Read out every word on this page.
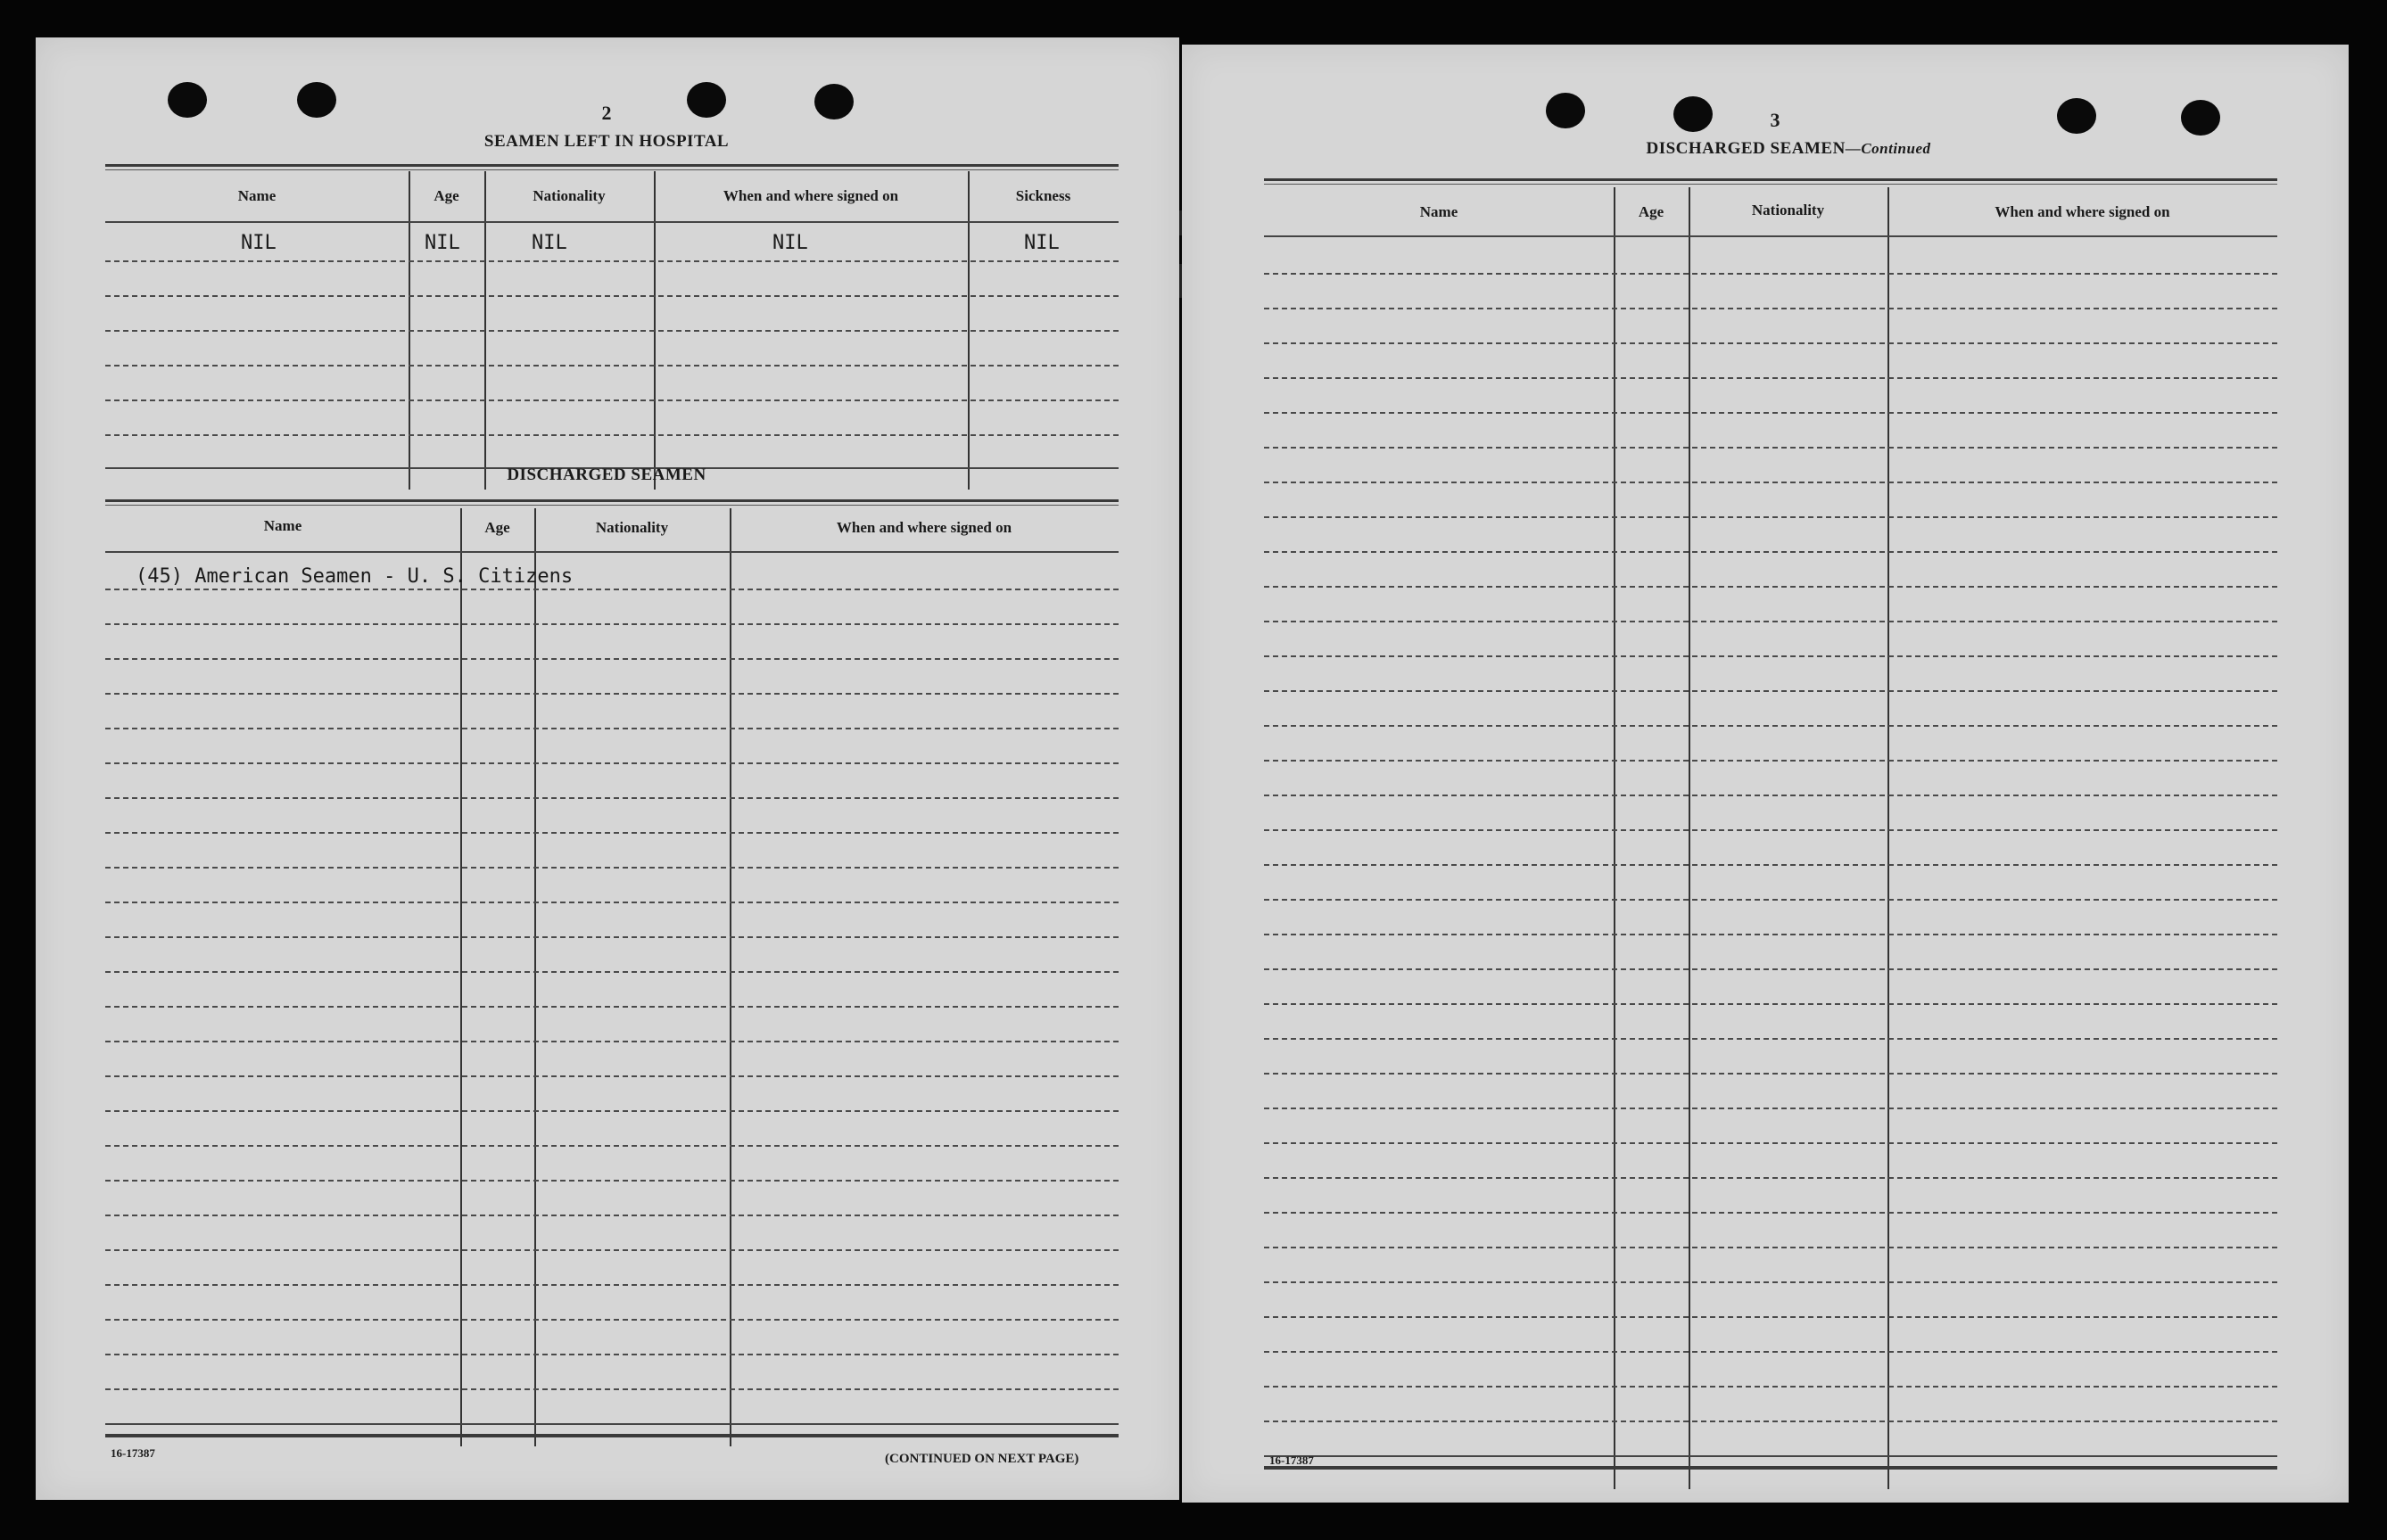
2
SEAMEN LEFT IN HOSPITAL
Name	Age	Nationality	When and where signed on	Sickness
NIL	NIL	NIL	NIL	NIL
DISCHARGED SEAMEN
Name	Age	Nationality	When and where signed on
(45) American Seamen - U. S. Citizens
16-17387	(CONTINUED ON NEXT PAGE)
3
DISCHARGED SEAMEN—Continued
Name	Age	Nationality	When and where signed on
16-17387
